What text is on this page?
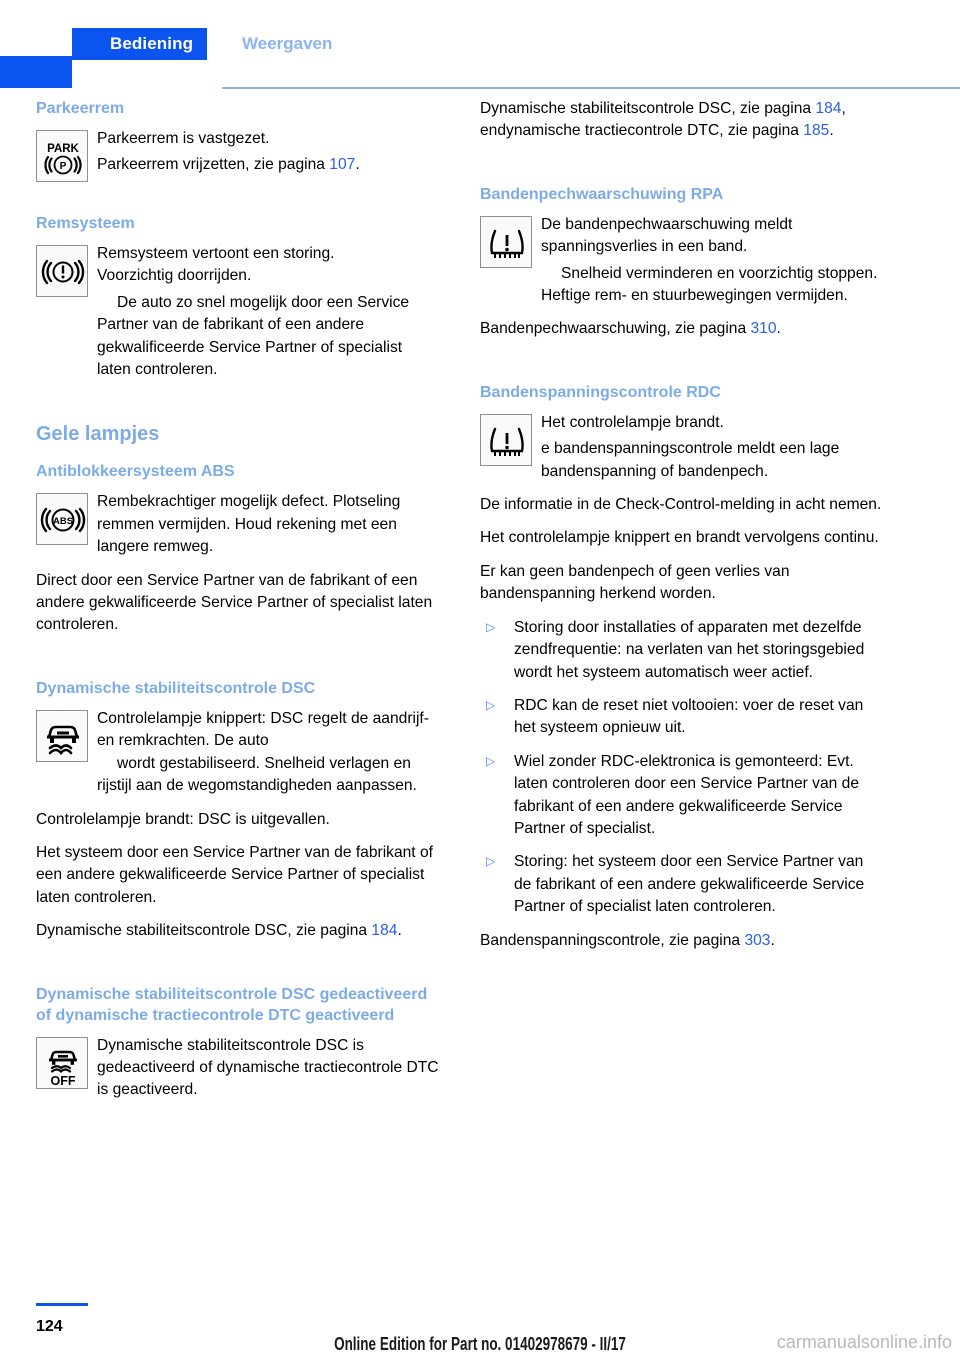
Bediening	Weergaven
Parkeerrem
PARK
P

Parkeerrem is vastgezet.

Parkeerrem vrijzetten, zie pagina 107.

Remsysteem

Remsysteem vertoont een storing.

Voorzichtig doorrijden.

De auto zo snel mogelijk door een Service Partner van de fabrikant of een andere gekwalificeerde Service Partner of specialist laten controleren.

Gele lampjes
Antiblokkeersysteem ABS
ABS

Rembekrachtiger mogelijk defect. Plotseling remmen vermijden. Houd rekening met een langere remweg.

Direct door een Service Partner van de fabrikant of een andere gekwalificeerde Service Partner of specialist laten controleren.

Dynamische stabiliteitscontrole DSC

Controlelampje knippert: DSC regelt de aandrijf- en remkrachten. De auto

wordt gestabiliseerd. Snelheid verlagen en rijstijl aan de wegomstandigheden aanpassen.

Controlelampje brandt: DSC is uitgevallen.

Het systeem door een Service Partner van de fabrikant of een andere gekwalificeerde Service Partner of specialist laten controleren.

Dynamische stabiliteitscontrole DSC, zie pagina 184.

Dynamische stabiliteitscontrole DSC gedeactiveerd of dynamische tractiecontrole DTC geactiveerd
OFF

Dynamische stabiliteitscontrole DSC is gedeactiveerd of dynamische tractiecontrole DTC is geactiveerd.

Dynamische stabiliteitscontrole DSC, zie pagina 184, endynamische tractiecontrole DTC, zie pagina 185.

Bandenpechwaarschuwing RPA

De bandenpechwaarschuwing meldt spanningsverlies in een band.

Snelheid verminderen en voorzichtig stoppen. Heftige rem- en stuurbewegingen vermijden.

Bandenpechwaarschuwing, zie pagina 310.

Bandenspanningscontrole RDC

Het controlelampje brandt.

e bandenspanningscontrole meldt een lage bandenspanning of bandenpech.

De informatie in de Check-Control-melding in acht nemen.

Het controlelampje knippert en brandt vervolgens continu.

Er kan geen bandenpech of geen verlies van bandenspanning herkend worden.

▷ Storing door installaties of apparaten met dezelfde zendfrequentie: na verlaten van het storingsgebied wordt het systeem automatisch weer actief.
▷ RDC kan de reset niet voltooien: voer de reset van het systeem opnieuw uit.
▷ Wiel zonder RDC-elektronica is gemonteerd: Evt. laten controleren door een Service Partner van de fabrikant of een andere gekwalificeerde Service Partner of specialist.
▷ Storing: het systeem door een Service Partner van de fabrikant of een andere gekwalificeerde Service Partner of specialist laten controleren.

Bandenspanningscontrole, zie pagina 303.

124
Online Edition for Part no. 01402978679 - II/17	carmanualsonline.info
